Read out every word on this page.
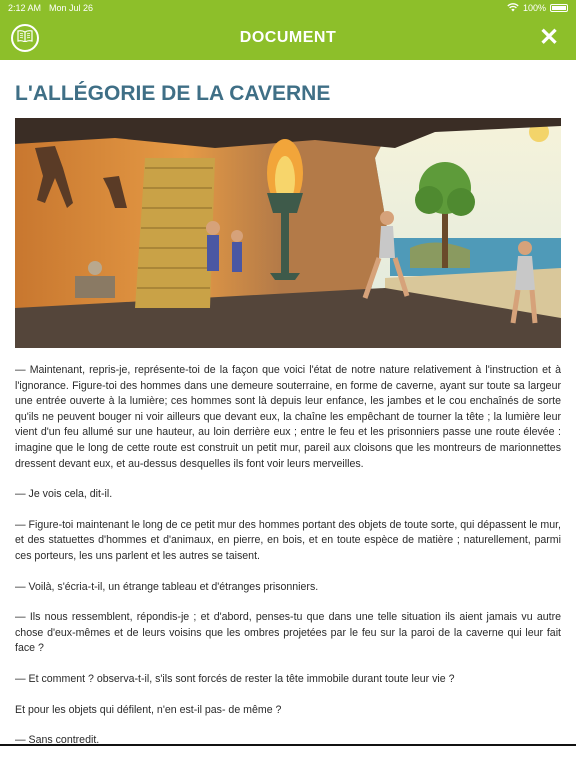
2:12 AM Mon Jul 26	100%
DOCUMENT	✕
L'ALLÉGORIE DE LA CAVERNE

— Maintenant, repris-je, représente-toi de la façon que voici l'état de notre nature relativement à l'instruction et à l'ignorance. Figure-toi des hommes dans une demeure souterraine, en forme de caverne, ayant sur toute sa largeur une entrée ouverte à la lumière; ces hommes sont là depuis leur enfance, les jambes et le cou enchaînés de sorte qu'ils ne peuvent bouger ni voir ailleurs que devant eux, la chaîne les empêchant de tourner la tête ; la lumière leur vient d'un feu allumé sur une hauteur, au loin derrière eux ; entre le feu et les prisonniers passe une route élevée : imagine que le long de cette route est construit un petit mur, pareil aux cloisons que les montreurs de marionnettes dressent devant eux, et au-dessus desquelles ils font voir leurs merveilles.

— Je vois cela, dit-il.

— Figure-toi maintenant le long de ce petit mur des hommes portant des objets de toute sorte, qui dépassent le mur, et des statuettes d'hommes et d'animaux, en pierre, en bois, et en toute espèce de matière ; naturellement, parmi ces porteurs, les uns parlent et les autres se taisent.

— Voilà, s'écria-t-il, un étrange tableau et d'étranges prisonniers.

— Ils nous ressemblent, répondis-je ; et d'abord, penses-tu que dans une telle situation ils aient jamais vu autre chose d'eux-mêmes et de leurs voisins que les ombres projetées par le feu sur la paroi de la caverne qui leur fait face ?

— Et comment ? observa-t-il, s'ils sont forcés de rester la tête immobile durant toute leur vie ?

Et pour les objets qui défilent, n'en est-il pas- de même ?

— Sans contredit.
